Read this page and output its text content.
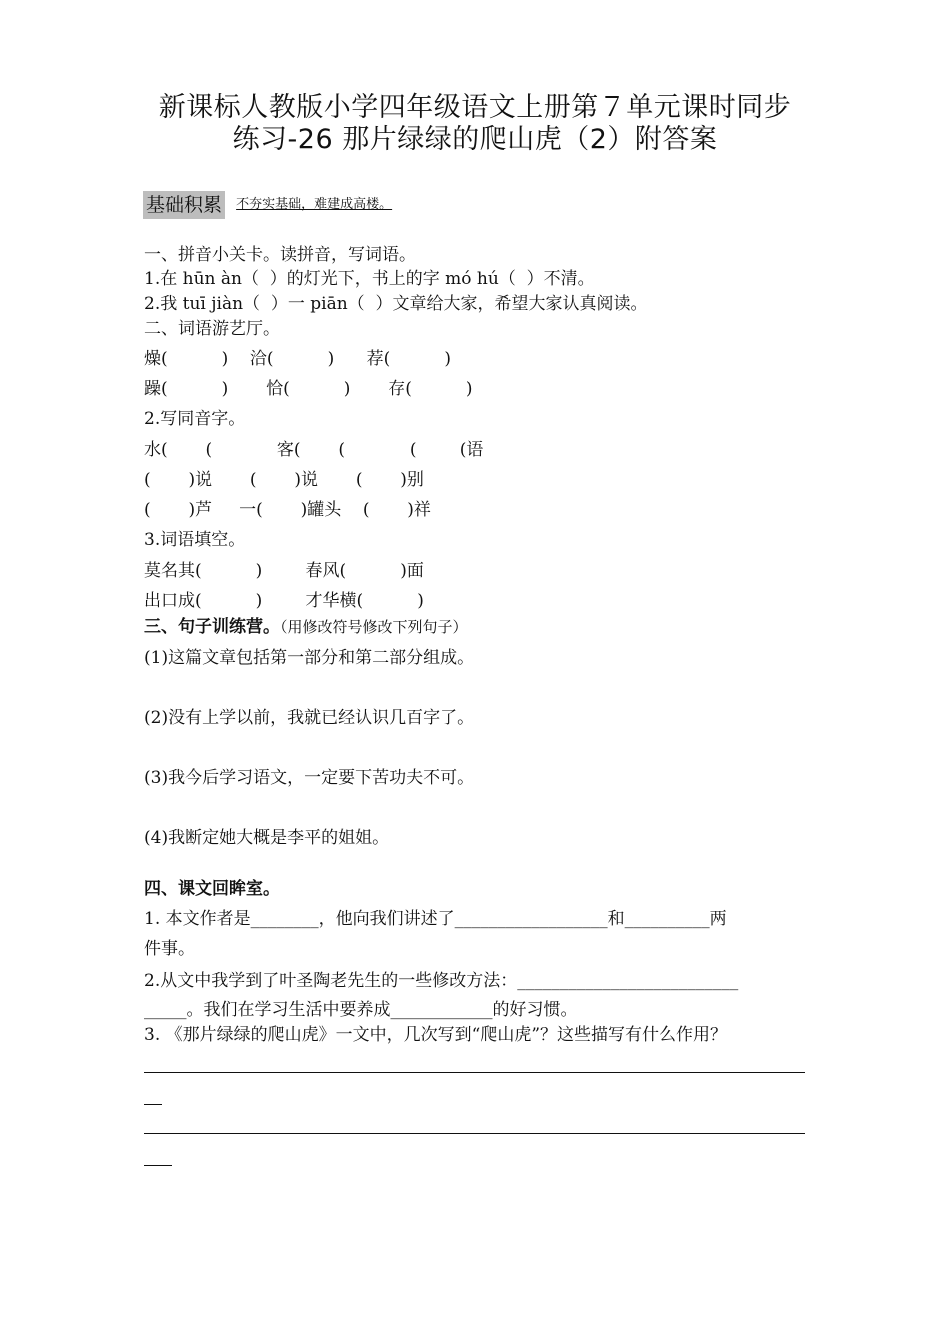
新课标人教版小学四年级语文上册第７单元课时同步
练习-26 那片绿绿的爬山虎（2）附答案
基础积累 不夯实基础，难建成高楼。
一、拼音小关卡。读拼音，写词语。
1.在 hūn àn（  ）的灯光下，书上的字 mó hú（  ）不清。
2.我 tuī jiàn（  ）一 piān（  ）文章给大家，希望大家认真阅读。
二、词语游艺厅。
燥(          )    洽(          )      荐(          )
躁(          )       恰(          )       存(          )
2.写同音字。
水(       (            客(       (            (        (语
(       )说       (       )说       (       )别
(       )芦     一(       )罐头    (       )祥
3.词语填空。
莫名其(          )        春风(          )面
出口成(          )        才华横(          )
三、句子训练营。（用修改符号修改下列句子）
(1)这篇文章包括第一部分和第二部分组成。
(2)没有上学以前，我就已经认识几百字了。
(3)我今后学习语文，一定要下苦功夫不可。
(4)我断定她大概是李平的姐姐。
四、课文回眸室。
1. 本文作者是________，他向我们讲述了__________________和__________两
件事。
2.从文中我学到了叶圣陶老先生的一些修改方法：__________________________
_____。我们在学习生活中要养成____________的好习惯。
3. 《那片绿绿的爬山虎》一文中，几次写到“爬山虎”？这些描写有什么作用？
